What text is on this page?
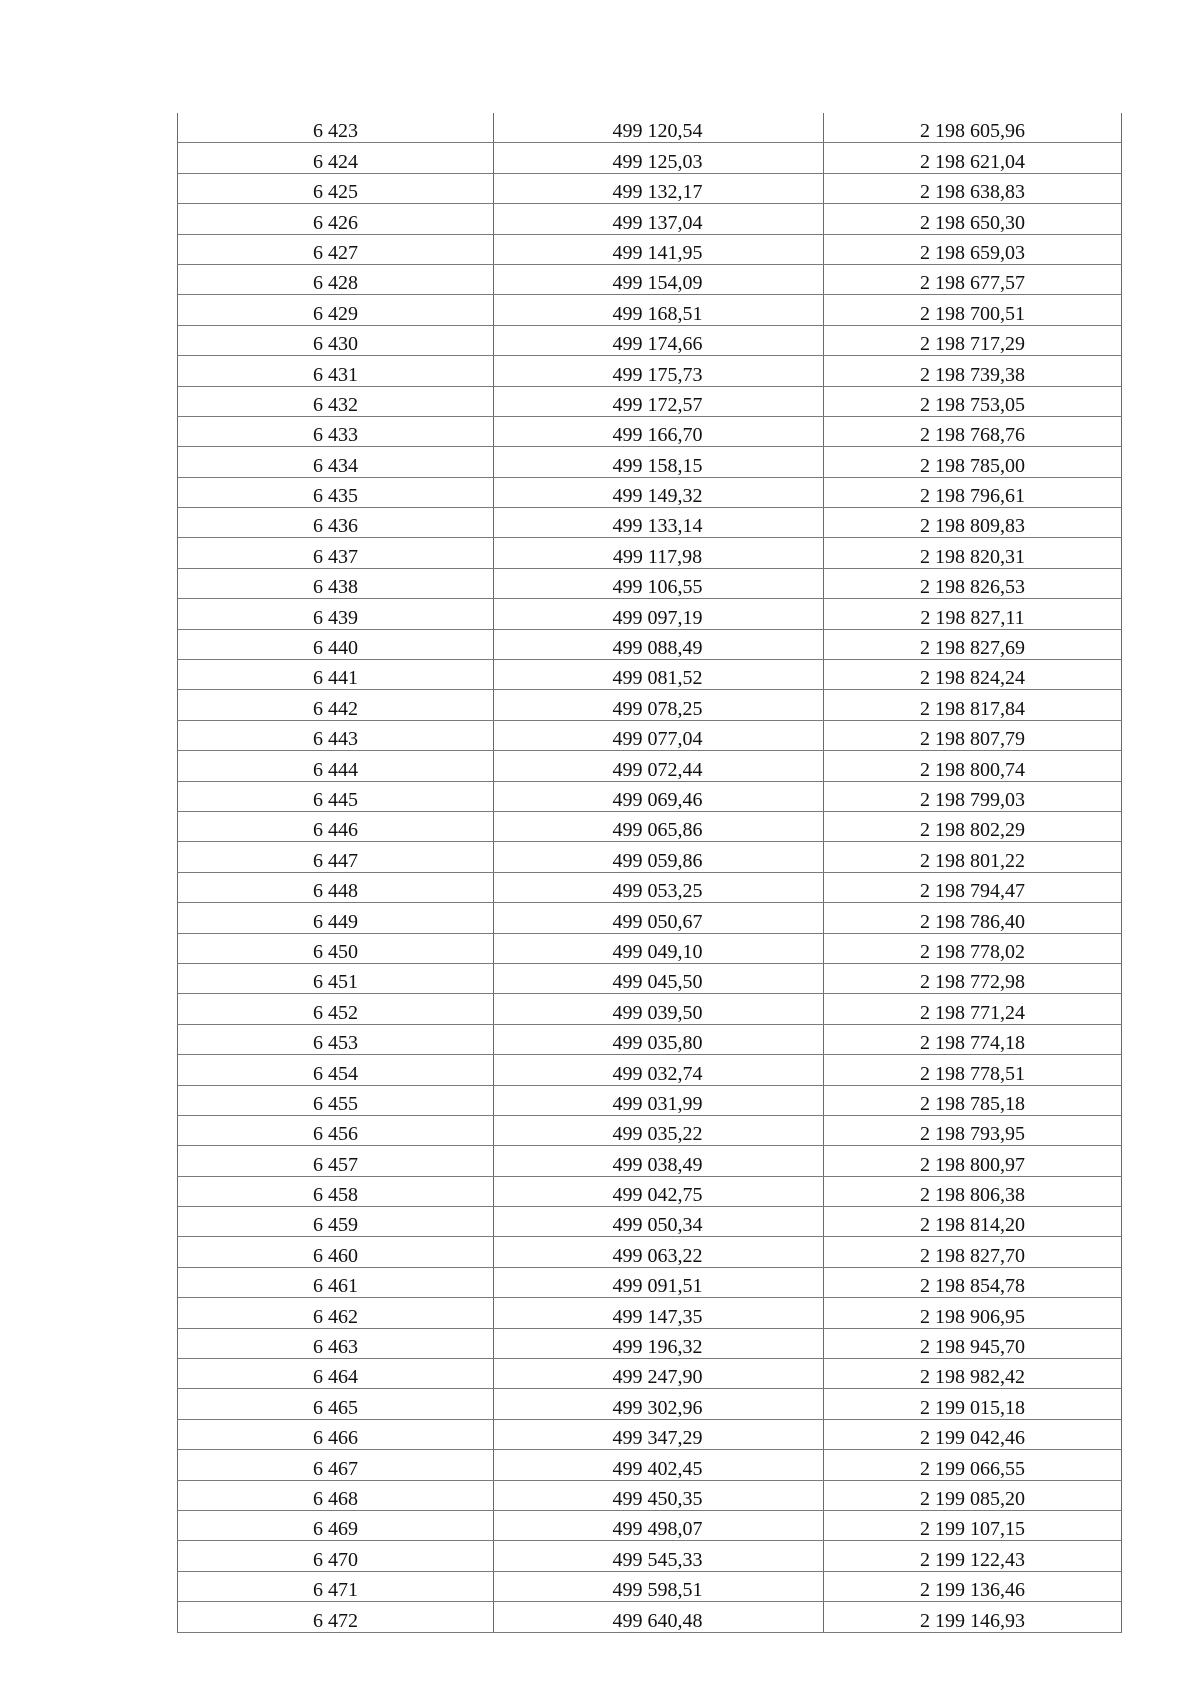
6 423	499 120,54	2 198 605,96
6 424	499 125,03	2 198 621,04
6 425	499 132,17	2 198 638,83
6 426	499 137,04	2 198 650,30
6 427	499 141,95	2 198 659,03
6 428	499 154,09	2 198 677,57
6 429	499 168,51	2 198 700,51
6 430	499 174,66	2 198 717,29
6 431	499 175,73	2 198 739,38
6 432	499 172,57	2 198 753,05
6 433	499 166,70	2 198 768,76
6 434	499 158,15	2 198 785,00
6 435	499 149,32	2 198 796,61
6 436	499 133,14	2 198 809,83
6 437	499 117,98	2 198 820,31
6 438	499 106,55	2 198 826,53
6 439	499 097,19	2 198 827,11
6 440	499 088,49	2 198 827,69
6 441	499 081,52	2 198 824,24
6 442	499 078,25	2 198 817,84
6 443	499 077,04	2 198 807,79
6 444	499 072,44	2 198 800,74
6 445	499 069,46	2 198 799,03
6 446	499 065,86	2 198 802,29
6 447	499 059,86	2 198 801,22
6 448	499 053,25	2 198 794,47
6 449	499 050,67	2 198 786,40
6 450	499 049,10	2 198 778,02
6 451	499 045,50	2 198 772,98
6 452	499 039,50	2 198 771,24
6 453	499 035,80	2 198 774,18
6 454	499 032,74	2 198 778,51
6 455	499 031,99	2 198 785,18
6 456	499 035,22	2 198 793,95
6 457	499 038,49	2 198 800,97
6 458	499 042,75	2 198 806,38
6 459	499 050,34	2 198 814,20
6 460	499 063,22	2 198 827,70
6 461	499 091,51	2 198 854,78
6 462	499 147,35	2 198 906,95
6 463	499 196,32	2 198 945,70
6 464	499 247,90	2 198 982,42
6 465	499 302,96	2 199 015,18
6 466	499 347,29	2 199 042,46
6 467	499 402,45	2 199 066,55
6 468	499 450,35	2 199 085,20
6 469	499 498,07	2 199 107,15
6 470	499 545,33	2 199 122,43
6 471	499 598,51	2 199 136,46
6 472	499 640,48	2 199 146,93
